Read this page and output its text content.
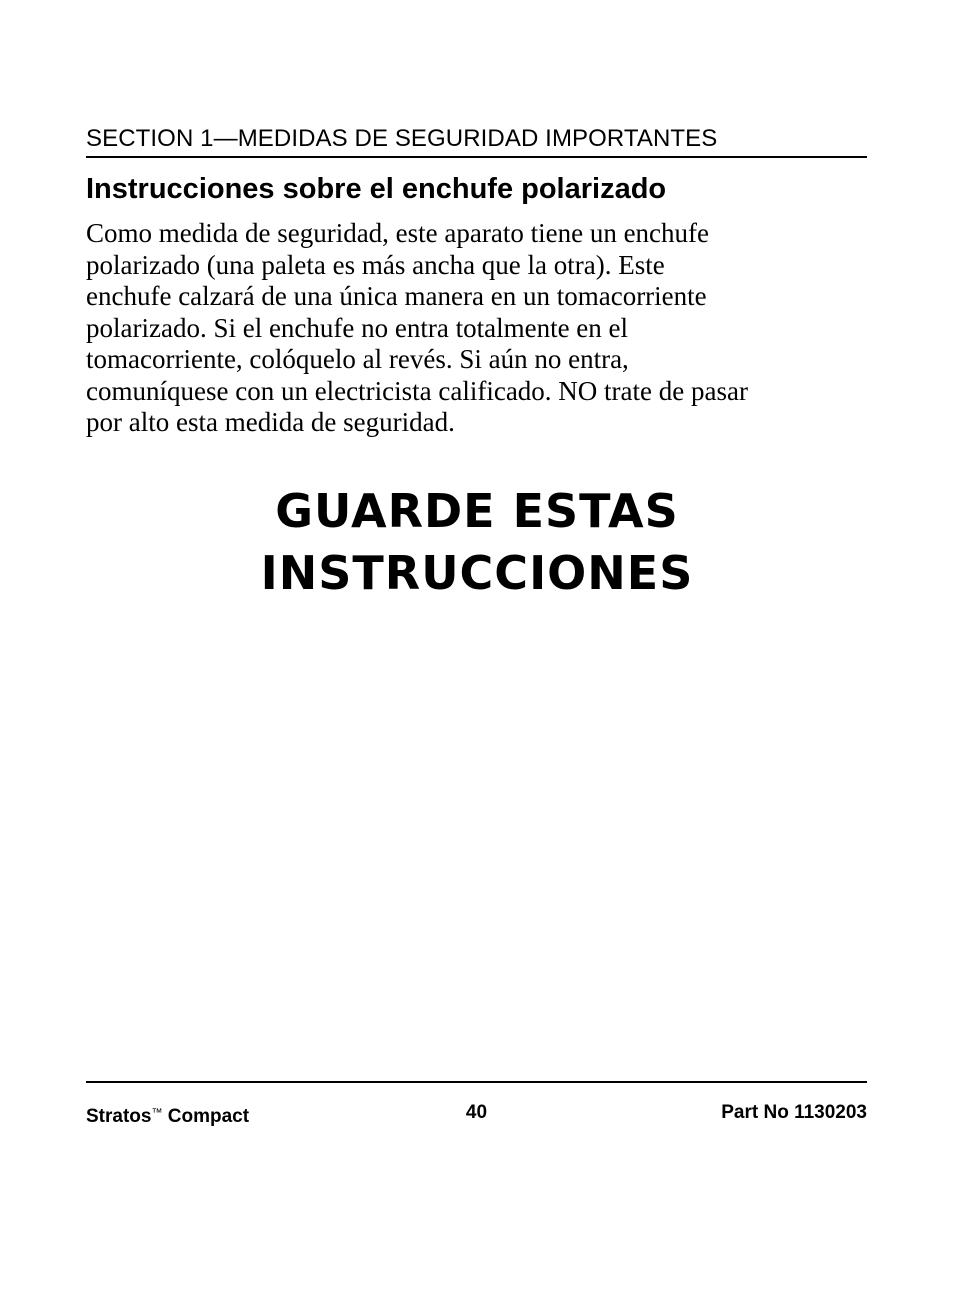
SECTION 1—MEDIDAS DE SEGURIDAD IMPORTANTES
Instrucciones sobre el enchufe polarizado

Como medida de seguridad, este aparato tiene un enchufe
polarizado (una paleta es más ancha que la otra). Este
enchufe calzará de una única manera en un tomacorriente
polarizado. Si el enchufe no entra totalmente en el
tomacorriente, colóquelo al revés. Si aún no entra,
comuníquese con un electricista calificado. NO trate de pasar
por alto esta medida de seguridad.

GUARDE ESTAS
INSTRUCCIONES
Stratos™ Compact	40	Part No 1130203
